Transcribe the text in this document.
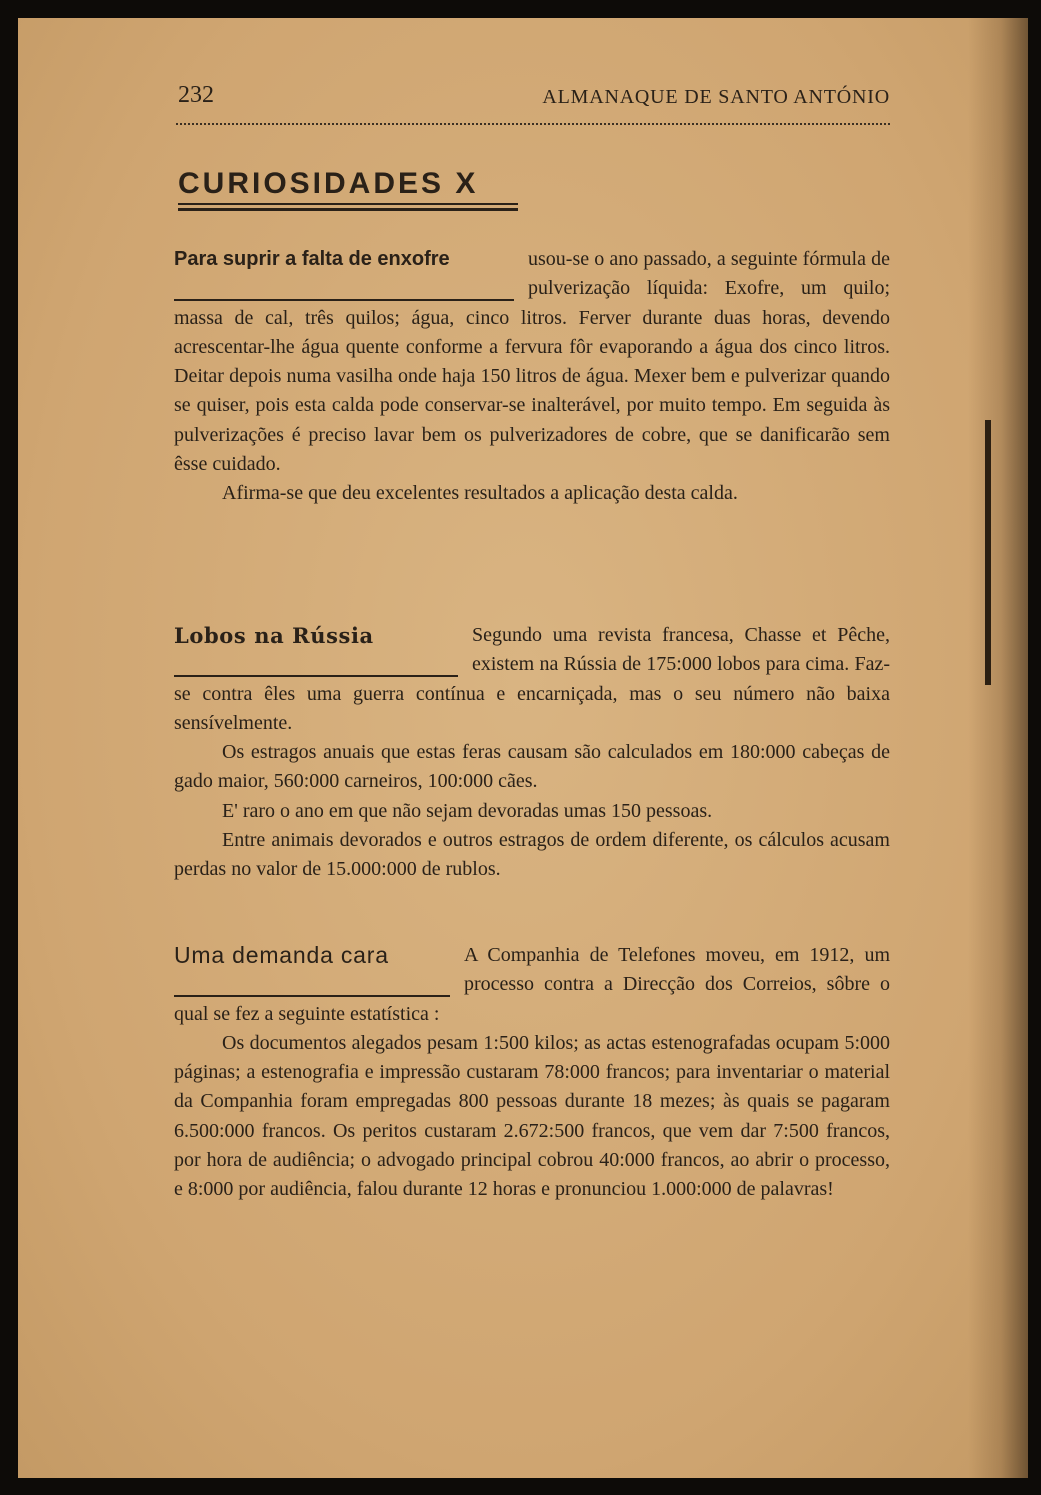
232	ALMANAQUE DE SANTO ANTÓNIO
CURIOSIDADES X
Para suprir a falta de enxofre	usou-se o ano passado, a seguinte fórmula de pulverização líquida: Exofre, um quilo; massa de cal, três quilos; água, cinco litros. Ferver durante duas horas, devendo acrescentar-lhe água quente conforme a fervura fôr evaporando a água dos cinco litros. Deitar depois numa vasilha onde haja 150 litros de água. Mexer bem e pulverizar quando se quiser, pois esta calda pode conservar-se inalterável, por muito tempo. Em seguida às pulverizações é preciso lavar bem os pulverizadores de cobre, que se danificarão sem êsse cuidado.

Afirma-se que deu excelentes resultados a aplicação desta calda.

Lobos na Rússia	Segundo uma revista francesa, Chasse et Pêche, existem na Rússia de 175:000 lobos para cima. Faz-se contra êles uma guerra contínua e encarniçada, mas o seu número não baixa sensívelmente.

Os estragos anuais que estas feras causam são calculados em 180:000 cabeças de gado maior, 560:000 carneiros, 100:000 cães.

E' raro o ano em que não sejam devoradas umas 150 pessoas.

Entre animais devorados e outros estragos de ordem diferente, os cálculos acusam perdas no valor de 15.000:000 de rublos.

Uma demanda cara	A Companhia de Telefones moveu, em 1912, um processo contra a Direcção dos Correios, sôbre o qual se fez a seguinte estatística :

Os documentos alegados pesam 1:500 kilos; as actas estenografadas ocupam 5:000 páginas; a estenografia e impressão custaram 78:000 francos; para inventariar o material da Companhia foram empregadas 800 pessoas durante 18 mezes; às quais se pagaram 6.500:000 francos. Os peritos custaram 2.672:500 francos, que vem dar 7:500 francos, por hora de audiência; o advogado principal cobrou 40:000 francos, ao abrir o processo, e 8:000 por audiência, falou durante 12 horas e pronunciou 1.000:000 de palavras!
